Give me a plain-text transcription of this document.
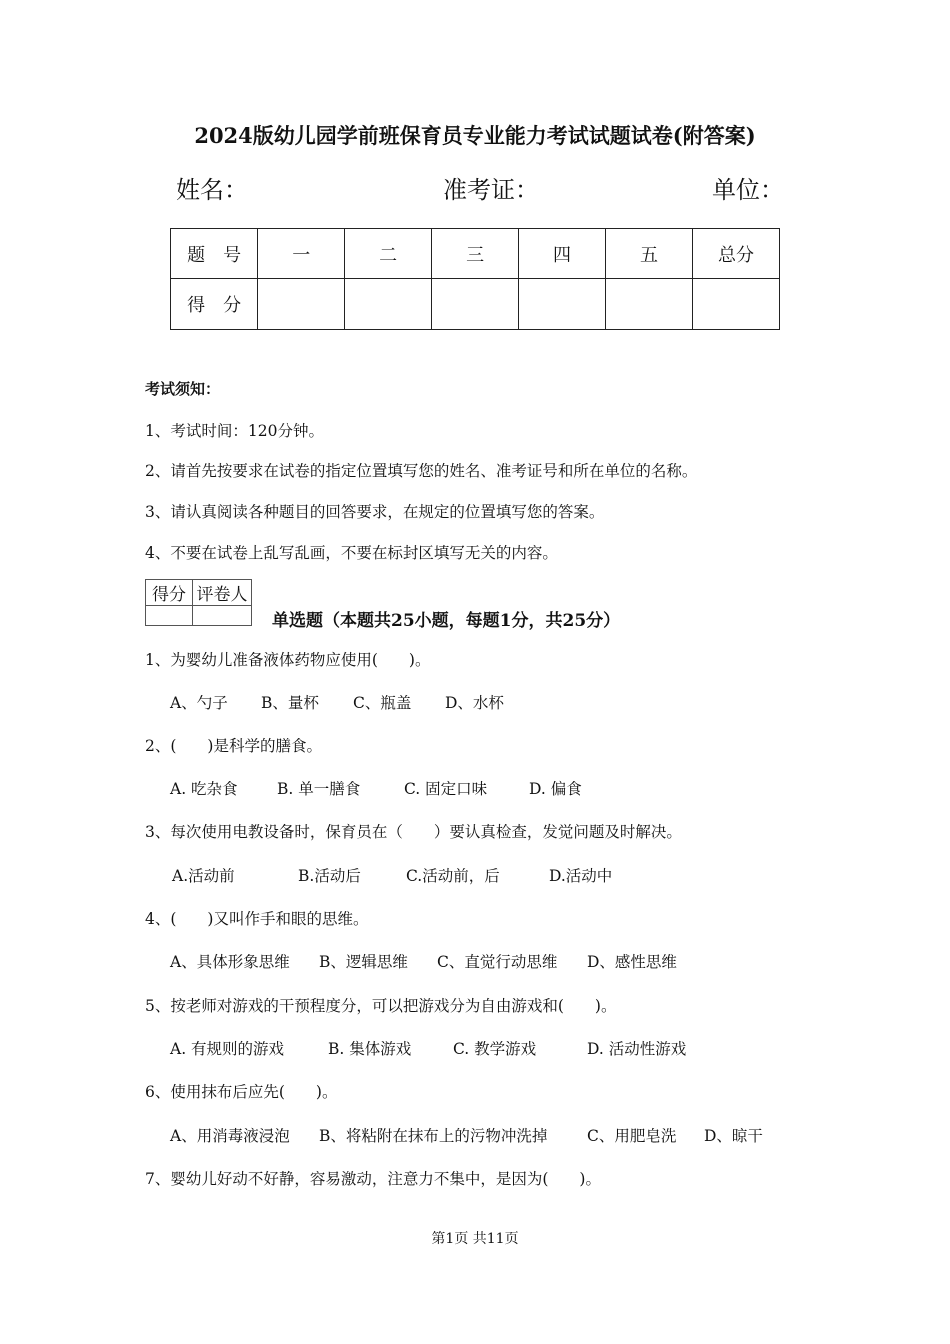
2024版幼儿园学前班保育员专业能力考试试题试卷(附答案)
姓名：	准考证：	单位：
题　号	一	二	三	四	五	总分
得　分						
考试须知：
1、考试时间：120分钟。
2、请首先按要求在试卷的指定位置填写您的姓名、准考证号和所在单位的名称。
3、请认真阅读各种题目的回答要求，在规定的位置填写您的答案。
4、不要在试卷上乱写乱画，不要在标封区填写无关的内容。
得分	评卷人

单选题（本题共25小题，每题1分，共25分）
1、为婴幼儿准备液体药物应使用(　　)。
A、勺子 B、量杯 C、瓶盖 D、水杯
2、(　　)是科学的膳食。
A. 吃杂食	B. 单一膳食	C. 固定口味	D. 偏食
3、每次使用电教设备时，保育员在（　　）要认真检查，发觉问题及时解决。
A.活动前	B.活动后	C.活动前，后	D.活动中
4、(　　)又叫作手和眼的思维。
A、具体形象思维 B、逻辑思维 C、直觉行动思维 D、感性思维
5、按老师对游戏的干预程度分，可以把游戏分为自由游戏和(　　)。
A. 有规则的游戏	B. 集体游戏	C. 教学游戏	D. 活动性游戏
6、使用抹布后应先(　　)。
A、用消毒液浸泡 B、将粘附在抹布上的污物冲洗掉	C、用肥皂洗 D、晾干
7、婴幼儿好动不好静，容易激动，注意力不集中，是因为(　　)。
第1页 共11页
